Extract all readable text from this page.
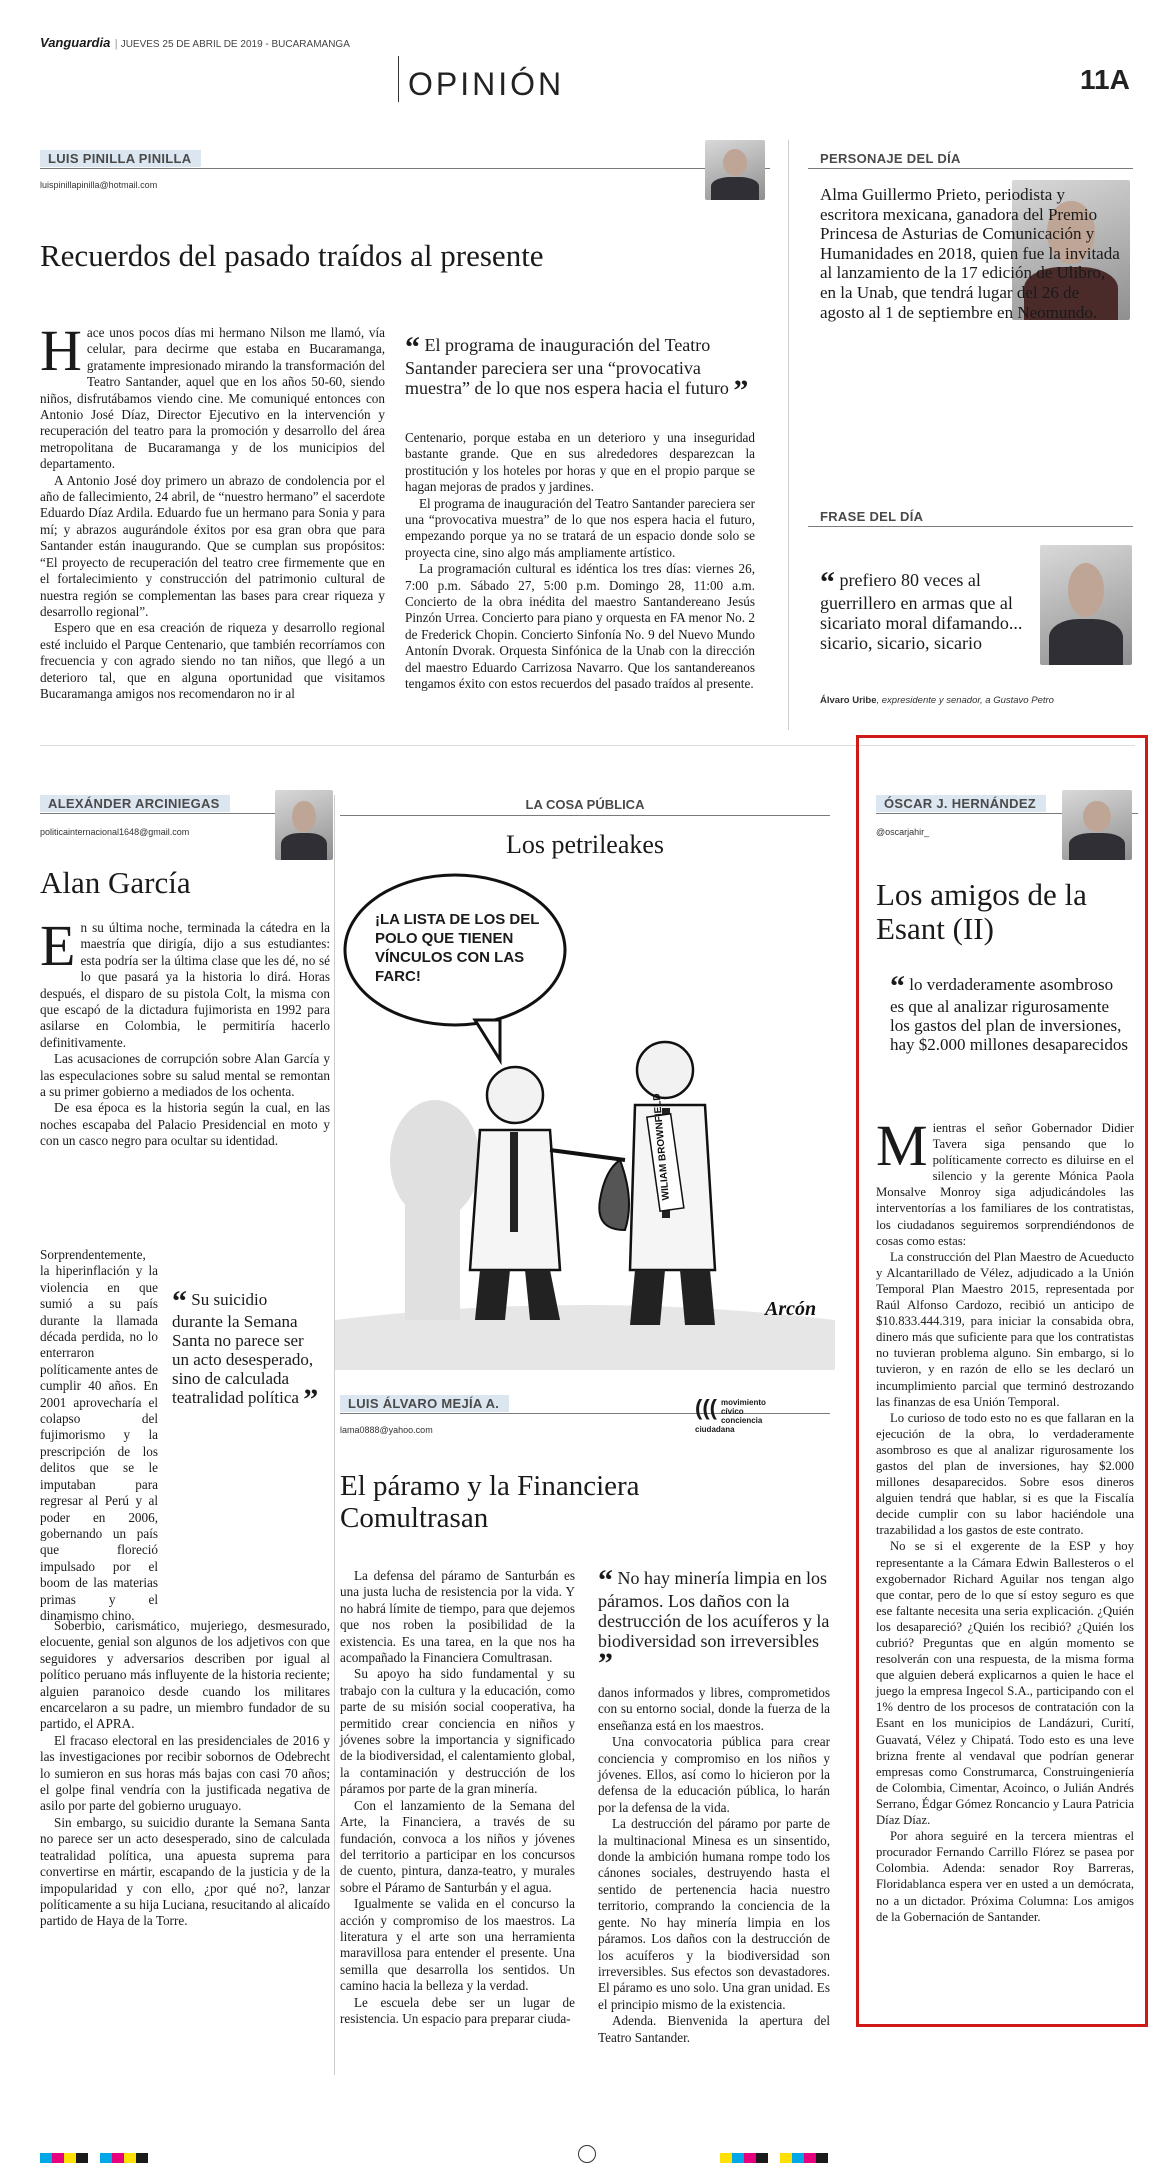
Vanguardia | JUEVES 25 DE ABRIL DE 2019 - BUCARAMANGA
OPINIÓN	11A
LUIS PINILLA PINILLA
luispinillapinilla@hotmail.com
Recuerdos del pasado traídos al presente

Hace unos pocos días mi hermano Nilson me llamó, vía celular, para decirme que estaba en Bucaramanga, gratamente impresionado mirando la transformación del Teatro Santander, aquel que en los años 50-60, siendo niños, disfrutábamos viendo cine. Me comuniqué entonces con Antonio José Díaz, Director Ejecutivo en la intervención y recuperación del teatro para la promoción y desarrollo del área metropolitana de Bucaramanga y de los municipios del departamento.

A Antonio José doy primero un abrazo de condolencia por el año de fallecimiento, 24 abril, de “nuestro hermano” el sacerdote Eduardo Díaz Ardila. Eduardo fue un hermano para Sonia y para mí; y abrazos augurándole éxitos por esa gran obra que para Santander están inaugurando. Que se cumplan sus propósitos: “El proyecto de recuperación del teatro cree firmemente que en el fortalecimiento y construcción del patrimonio cultural de nuestra región se complementan las bases para crear riqueza y desarrollo regional”.

Espero que en esa creación de riqueza y desarrollo regional esté incluido el Parque Centenario, que también recorríamos con frecuencia y con agrado siendo no tan niños, que llegó a un deterioro tal, que en alguna oportunidad que visitamos Bucaramanga amigos nos recomendaron no ir al

“ El programa de inauguración del Teatro Santander pareciera ser una “provocativa muestra” de lo que nos espera hacia el futuro ”

Centenario, porque estaba en un deterioro y una inseguridad bastante grande. Que en sus alrededores desparezcan la prostitución y los hoteles por horas y que en el propio parque se hagan mejoras de prados y jardines.

El programa de inauguración del Teatro Santander pareciera ser una “provocativa muestra” de lo que nos espera hacia el futuro, empezando porque ya no se tratará de un espacio donde solo se proyecta cine, sino algo más ampliamente artístico.

La programación cultural es idéntica los tres días: viernes 26, 7:00 p.m. Sábado 27, 5:00 p.m. Domingo 28, 11:00 a.m. Concierto de la obra inédita del maestro Santandereano Jesús Pinzón Urrea. Concierto para piano y orquesta en FA menor No. 2 de Frederick Chopin. Concierto Sinfonía No. 9 del Nuevo Mundo Antonín Dvorak. Orquesta Sinfónica de la Unab con la dirección del maestro Eduardo Carrizosa Navarro. Que los santandereanos tengamos éxito con estos recuerdos del pasado traídos al presente.

PERSONAJE DEL DÍA
Alma Guillermo Prieto, periodista y escritora mexicana, ganadora del Premio Princesa de Asturias de Comunicación y Humanidades en 2018, quien fue la invitada al lanzamiento de la 17 edición de Ulibro, en la Unab, que tendrá lugar del 26 de agosto al 1 de septiembre en Neomundo.
FRASE DEL DÍA
“ prefiero 80 veces al guerrillero en armas que al sicariato moral difamando... sicario, sicario, sicario
Álvaro Uribe, expresidente y senador, a Gustavo Petro
ALEXÁNDER ARCINIEGAS
politicainternacional1648@gmail.com
Alan García

En su última noche, terminada la cátedra en la maestría que dirigía, dijo a sus estudiantes: esta podría ser la última clase que les dé, no sé lo que pasará ya la historia lo dirá. Horas después, el disparo de su pistola Colt, la misma con que escapó de la dictadura fujimorista en 1992 para asilarse en Colombia, le permitiría hacerlo definitivamente.

Las acusaciones de corrupción sobre Alan García y las especulaciones sobre su salud mental se remontan a su primer gobierno a mediados de los ochenta.

De esa época es la historia según la cual, en las noches escapaba del Palacio Presidencial en moto y con un casco negro para ocultar su identidad.

Sorprendentemente, la hiperinflación y la violencia en que sumió a su país durante la llamada década perdida, no lo enterraron políticamente antes de cumplir 40 años. En 2001 aprovecharía el colapso del fujimorismo y la prescripción de los delitos que se le imputaban para regresar al Perú y al poder en 2006, gobernando un país que floreció impulsado por el boom de las materias primas y el dinamismo chino.

“ Su suicidio durante la Semana Santa no parece ser un acto desesperado, sino de calculada teatralidad política ”

Soberbio, carismático, mujeriego, desmesurado, elocuente, genial son algunos de los adjetivos con que seguidores y adversarios describen por igual al político peruano más influyente de la historia reciente; alguien paranoico desde cuando los militares encarcelaron a su padre, un miembro fundador de su partido, el APRA.

El fracaso electoral en las presidenciales de 2016 y las investigaciones por recibir sobornos de Odebrecht lo sumieron en sus horas más bajas con casi 70 años; el golpe final vendría con la justificada negativa de asilo por parte del gobierno uruguayo.

Sin embargo, su suicidio durante la Semana Santa no parece ser un acto desesperado, sino de calculada teatralidad política, una apuesta suprema para convertirse en mártir, escapando de la justicia y de la impopularidad y con ello, ¿por qué no?, lanzar políticamente a su hija Luciana, resucitando al alicaído partido de Haya de la Torre.

LA COSA PÚBLICA
Los petrileakes
WILIAM BROWNFIELD
Arcón
¡LA LISTA DE LOS DEL POLO QUE TIENEN VÍNCULOS CON LAS FARC!
LUIS ÁLVARO MEJÍA A.
lama0888@yahoo.com
((( movimiento cívico
conciencia ciudadana
El páramo y la Financiera Comultrasan

La defensa del páramo de Santurbán es una justa lucha de resistencia por la vida. Y no habrá límite de tiempo, para que dejemos que nos roben la posibilidad de la existencia. Es una tarea, en la que nos ha acompañado la Financiera Comultrasan.

Su apoyo ha sido fundamental y su trabajo con la cultura y la educación, como parte de su misión social cooperativa, ha permitido crear conciencia en niños y jóvenes sobre la importancia y significado de la biodiversidad, el calentamiento global, la contaminación y destrucción de los páramos por parte de la gran minería.

Con el lanzamiento de la Semana del Arte, la Financiera, a través de su fundación, convoca a los niños y jóvenes del territorio a participar en los concursos de cuento, pintura, danza-teatro, y murales sobre el Páramo de Santurbán y el agua.

Igualmente se valida en el concurso la acción y compromiso de los maestros. La literatura y el arte son una herramienta maravillosa para entender el presente. Una semilla que desarrolla los sentidos. Un camino hacia la belleza y la verdad.

Le escuela debe ser un lugar de resistencia. Un espacio para preparar ciuda-

“ No hay minería limpia en los páramos. Los daños con la destrucción de los acuíferos y la biodiversidad son irreversibles ”

danos informados y libres, comprometidos con su entorno social, donde la fuerza de la enseñanza está en los maestros.

Una convocatoria pública para crear conciencia y compromiso en los niños y jóvenes. Ellos, así como lo hicieron por la defensa de la educación pública, lo harán por la defensa de la vida.

La destrucción del páramo por parte de la multinacional Minesa es un sinsentido, donde la ambición humana rompe todo los cánones sociales, destruyendo hasta el sentido de pertenencia hacia nuestro territorio, comprando la conciencia de la gente. No hay minería limpia en los páramos. Los daños con la destrucción de los acuíferos y la biodiversidad son irreversibles. Sus efectos son devastadores. El páramo es uno solo. Una gran unidad. Es el principio mismo de la existencia.

Adenda. Bienvenida la apertura del Teatro Santander.

ÓSCAR J. HERNÁNDEZ
@oscarjahir_
Los amigos de la Esant (II)
“ lo verdaderamente asombroso es que al analizar rigurosamente los gastos del plan de inversiones, hay $2.000 millones desaparecidos

Mientras el señor Gobernador Didier Tavera siga pensando que lo políticamente correcto es diluirse en el silencio y la gerente Mónica Paola Monsalve Monroy siga adjudicándoles las interventorías a los familiares de los contratistas, los ciudadanos seguiremos sorprendiéndonos de cosas como estas:

La construcción del Plan Maestro de Acueducto y Alcantarillado de Vélez, adjudicado a la Unión Temporal Plan Maestro 2015, representada por Raúl Alfonso Cardozo, recibió un anticipo de $10.833.444.319, para iniciar la consabida obra, dinero más que suficiente para que los contratistas no tuvieran problema alguno. Sin embargo, si lo tuvieron, y en razón de ello se les declaró un incumplimiento parcial que terminó destrozando las finanzas de esa Unión Temporal.

Lo curioso de todo esto no es que fallaran en la ejecución de la obra, lo verdaderamente asombroso es que al analizar rigurosamente los gastos del plan de inversiones, hay $2.000 millones desaparecidos. Sobre esos dineros alguien tendrá que hablar, si es que la Fiscalía decide cumplir con su labor haciéndole una trazabilidad a los gastos de este contrato.

No se si el exgerente de la ESP y hoy representante a la Cámara Edwin Ballesteros o el exgobernador Richard Aguilar nos tengan algo que contar, pero de lo que sí estoy seguro es que ese faltante necesita una seria explicación. ¿Quién los desapareció? ¿Quién los recibió? ¿Quién los cubrió? Preguntas que en algún momento se resolverán con una respuesta, de la misma forma que alguien deberá explicarnos a quien le hace el juego la empresa Ingecol S.A., participando con el 1% dentro de los procesos de contratación con la Esant en los municipios de Landázuri, Curití, Guavatá, Vélez y Chipatá. Todo esto es una leve brizna frente al vendaval que podrían generar empresas como Construmarca, Construingeniería de Colombia, Cimentar, Acoinco, o Julián Andrés Serrano, Édgar Gómez Roncancio y Laura Patricia Díaz Díaz.

Por ahora seguiré en la tercera mientras el procurador Fernando Carrillo Flórez se pasea por Colombia. Adenda: senador Roy Barreras, Floridablanca espera ver en usted a un demócrata, no a un dictador. Próxima Columna: Los amigos de la Gobernación de Santander.
